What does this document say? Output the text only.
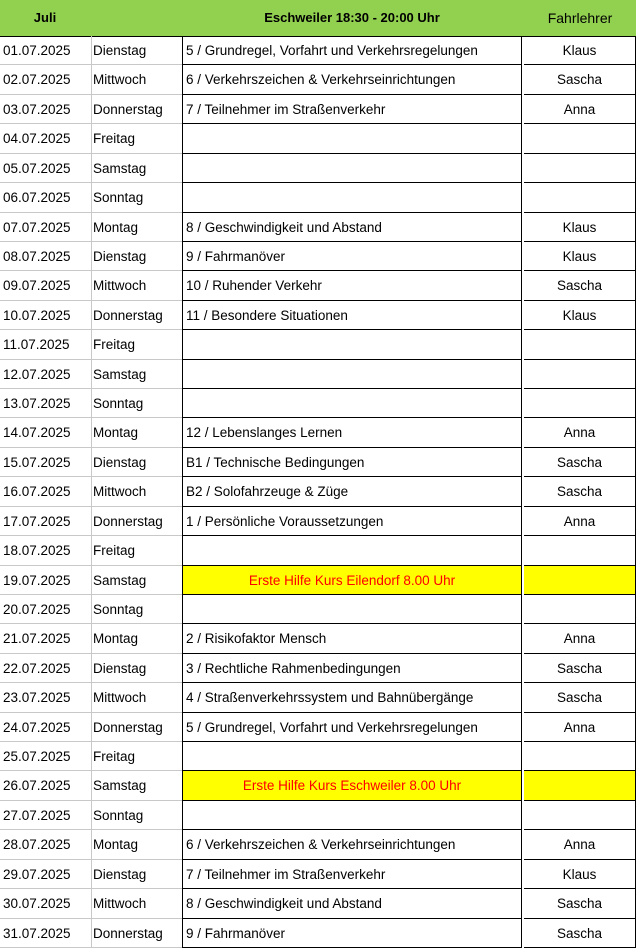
Juli	Eschweiler 18:30 - 20:00 Uhr	Fahrlehrer
01.07.2025	Dienstag	5 / Grundregel, Vorfahrt und Verkehrsregelungen	Klaus
02.07.2025	Mittwoch	6 / Verkehrszeichen & Verkehrseinrichtungen	Sascha
03.07.2025	Donnerstag	7 / Teilnehmer im Straßenverkehr	Anna
04.07.2025	Freitag
05.07.2025	Samstag
06.07.2025	Sonntag
07.07.2025	Montag	8 / Geschwindigkeit und Abstand	Klaus
08.07.2025	Dienstag	9 / Fahrmanöver	Klaus
09.07.2025	Mittwoch	10 / Ruhender Verkehr	Sascha
10.07.2025	Donnerstag	11 / Besondere Situationen	Klaus
11.07.2025	Freitag
12.07.2025	Samstag
13.07.2025	Sonntag
14.07.2025	Montag	12 / Lebenslanges Lernen	Anna
15.07.2025	Dienstag	B1 / Technische Bedingungen	Sascha
16.07.2025	Mittwoch	B2 / Solofahrzeuge & Züge	Sascha
17.07.2025	Donnerstag	1 / Persönliche Voraussetzungen	Anna
18.07.2025	Freitag
19.07.2025	Samstag	Erste Hilfe Kurs Eilendorf 8.00 Uhr
20.07.2025	Sonntag
21.07.2025	Montag	2 / Risikofaktor Mensch	Anna
22.07.2025	Dienstag	3 / Rechtliche Rahmenbedingungen	Sascha
23.07.2025	Mittwoch	4 / Straßenverkehrssystem und Bahnübergänge	Sascha
24.07.2025	Donnerstag	5 / Grundregel, Vorfahrt und Verkehrsregelungen	Anna
25.07.2025	Freitag
26.07.2025	Samstag	Erste Hilfe Kurs Eschweiler 8.00 Uhr
27.07.2025	Sonntag
28.07.2025	Montag	6 / Verkehrszeichen & Verkehrseinrichtungen	Anna
29.07.2025	Dienstag	7 / Teilnehmer im Straßenverkehr	Klaus
30.07.2025	Mittwoch	8 / Geschwindigkeit und Abstand	Sascha
31.07.2025	Donnerstag	9 / Fahrmanöver	Sascha
